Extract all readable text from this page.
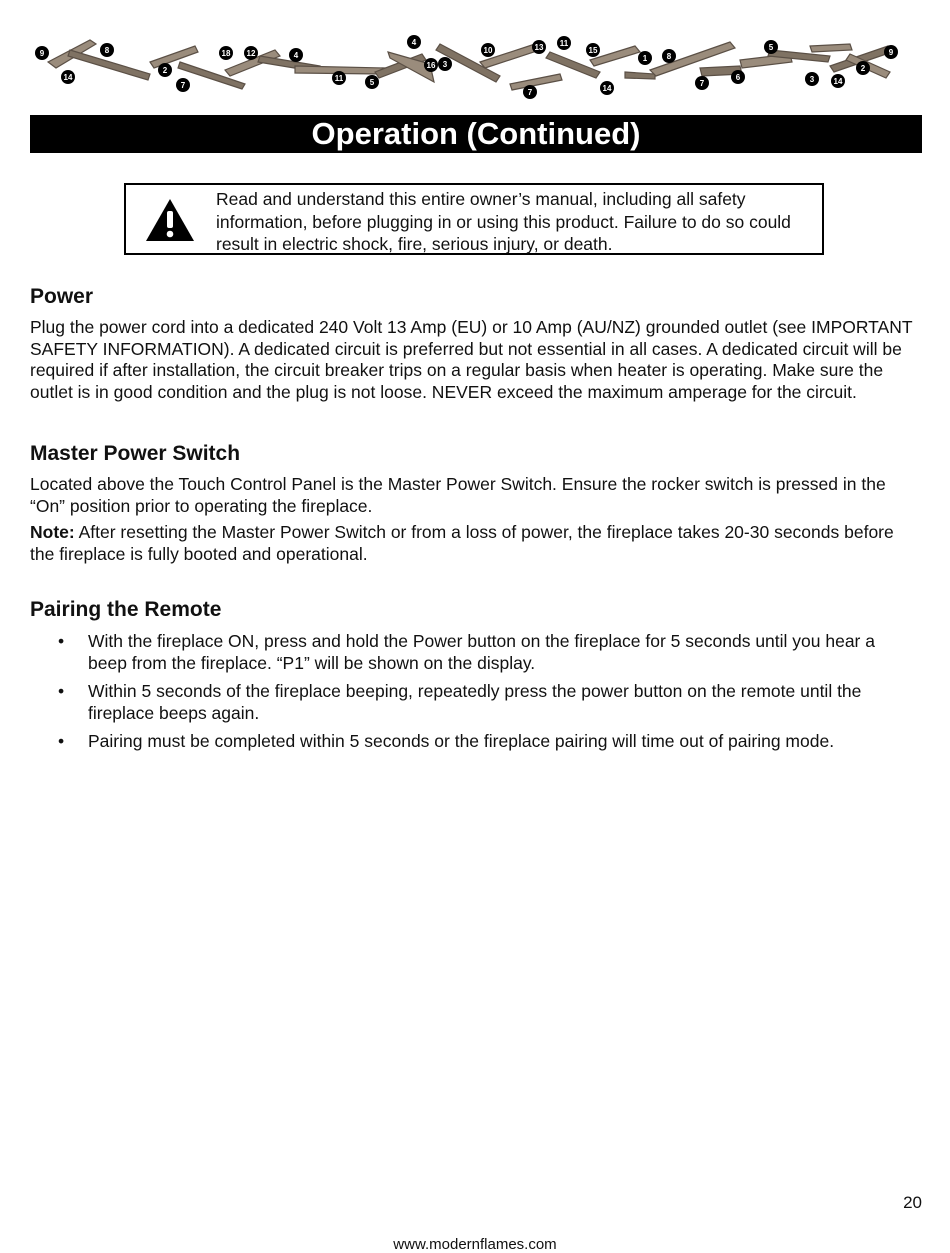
9	8
14
2
7
18 12	4
11	5
4
16 3
10	13 11
15
1 8
7
6
5
3 14
2
9
14
7
Operation (Continued)
Read and understand this entire owner’s manual, including all safety information, before plugging in or using this product. Failure to do so could result in electric shock, fire, serious injury, or death.
Power

Plug the power cord into a dedicated 240 Volt 13 Amp (EU) or 10 Amp (AU/NZ) grounded outlet (see IMPORTANT SAFETY INFORMATION). A dedicated circuit is preferred but not essential in all cases. A dedicated circuit will be required if after installation, the circuit breaker trips on a regular basis when heater is operating. Make sure the outlet is in good condition and the plug is not loose. NEVER exceed the maximum amperage for the circuit.

Master Power Switch

Located above the Touch Control Panel is the Master Power Switch. Ensure the rocker switch is pressed in the “On” position prior to operating the fireplace.

Note: After resetting the Master Power Switch or from a loss of power, the fireplace takes 20-30 seconds before the fireplace is fully booted and operational.

Pairing the Remote
• With the fireplace ON, press and hold the Power button on the fireplace for 5 seconds until you hear a beep from the fireplace. “P1” will be shown on the display.
• Within 5 seconds of the fireplace beeping, repeatedly press the power button on the remote until the fireplace beeps again.
• Pairing must be completed within 5 seconds or the fireplace pairing will time out of pairing mode.
20
www.modernflames.com
